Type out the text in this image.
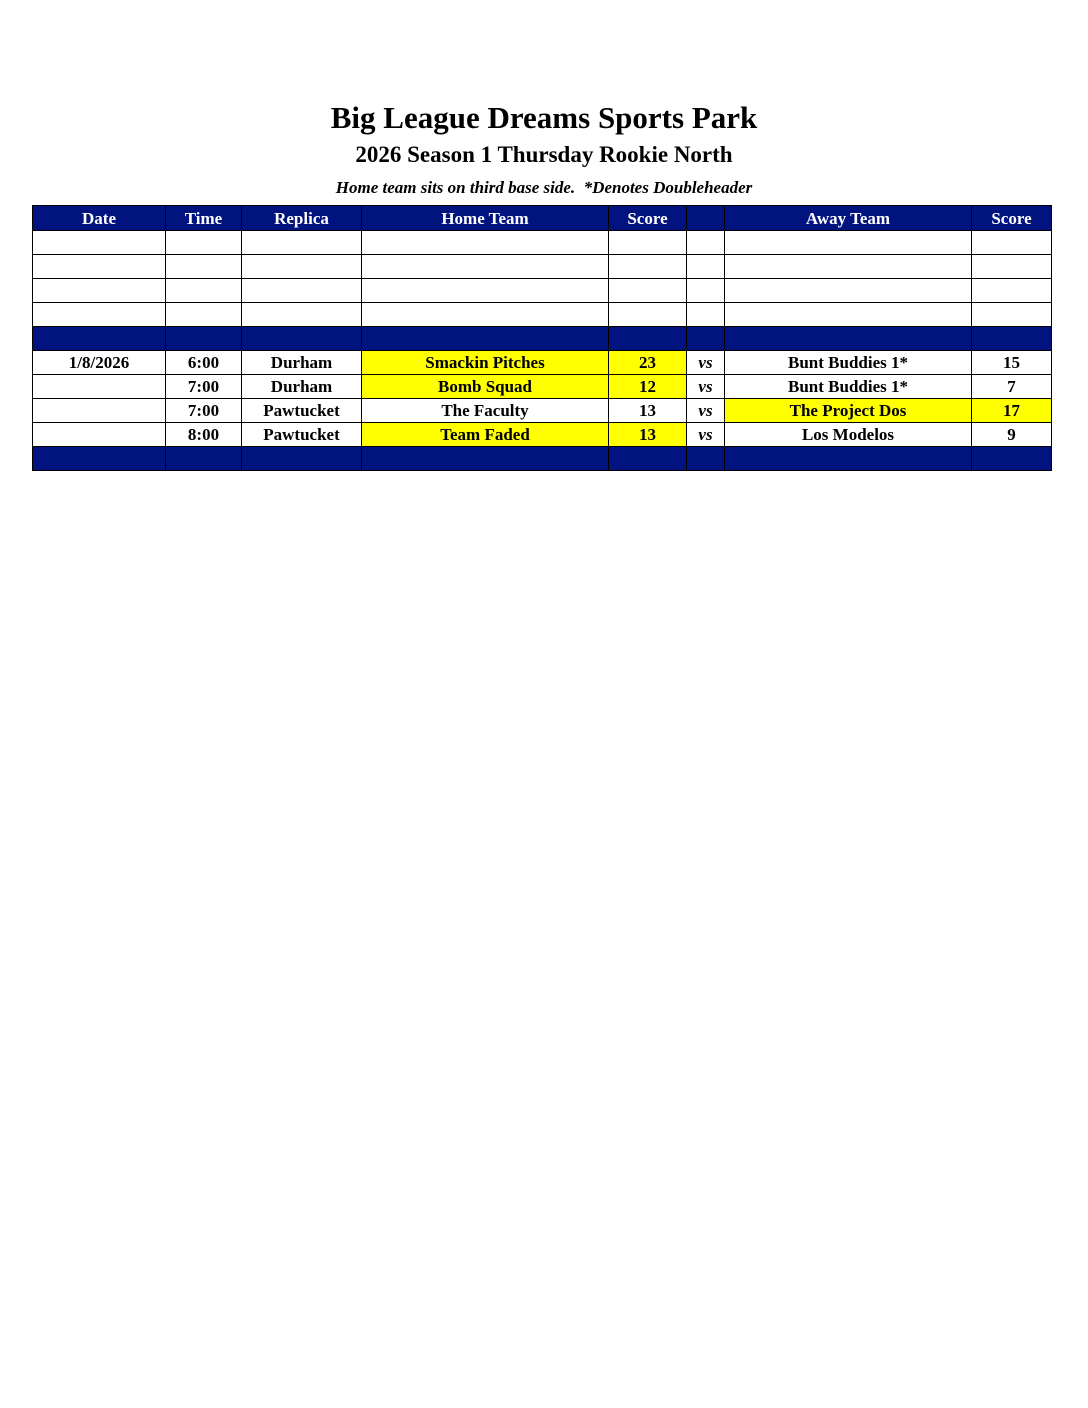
Big League Dreams Sports Park
2026 Season 1 Thursday Rookie North
Home team sits on third base side.  *Denotes Doubleheader
Date	Time	Replica	Home Team	Score		Away Team	Score

1/8/2026	6:00	Durham	Smackin Pitches	23	vs	Bunt Buddies 1*	15
	7:00	Durham	Bomb Squad	12	vs	Bunt Buddies 1*	7
	7:00	Pawtucket	The Faculty	13	vs	The Project Dos	17
	8:00	Pawtucket	Team Faded	13	vs	Los Modelos	9
